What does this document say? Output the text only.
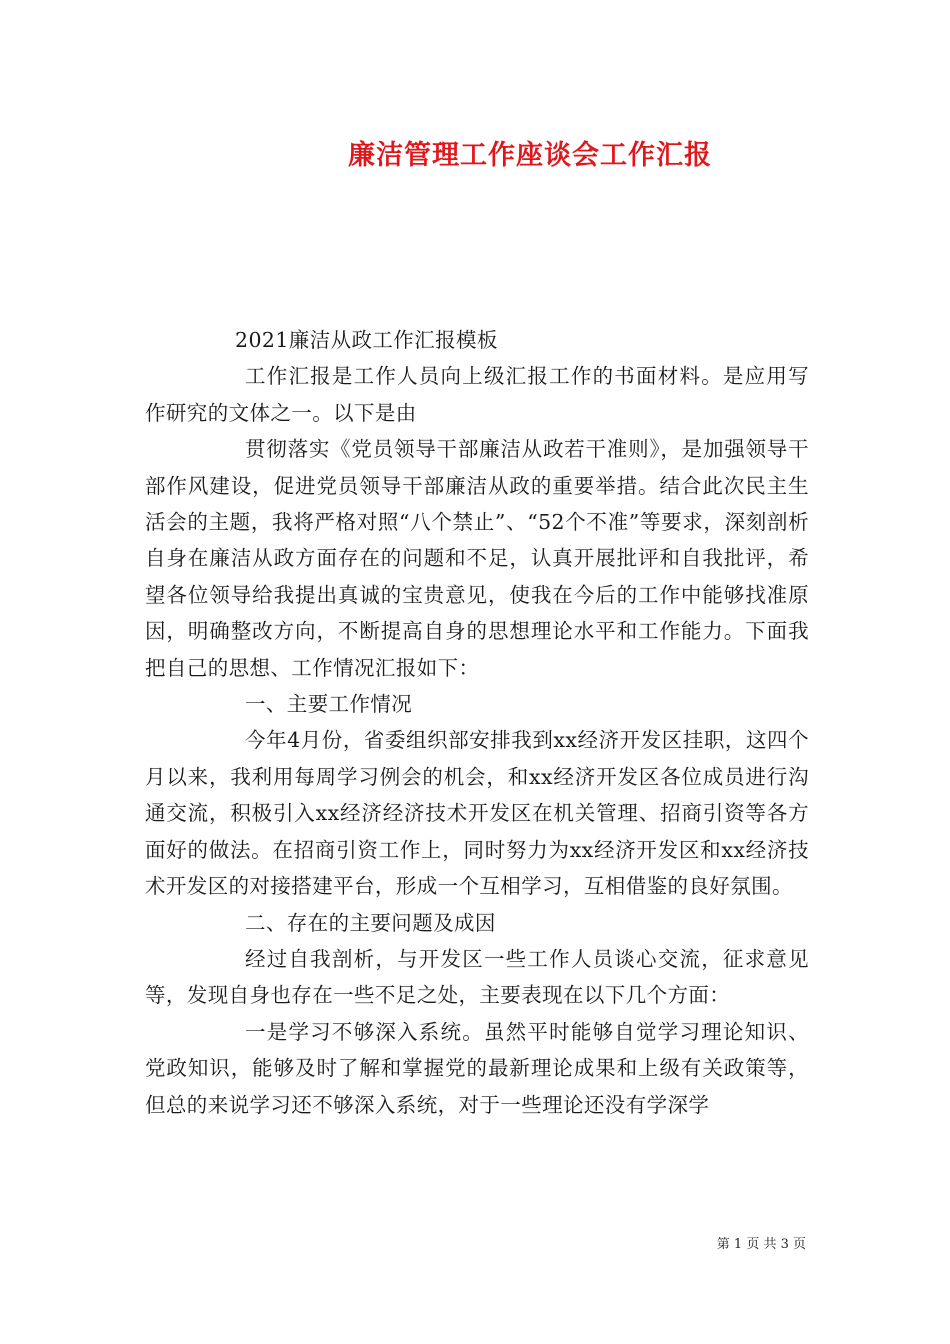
廉洁管理工作座谈会工作汇报

2021廉洁从政工作汇报模板

工作汇报是工作人员向上级汇报工作的书面材料。是应用写作研究的文体之一。以下是由

贯彻落实《党员领导干部廉洁从政若干准则》，是加强领导干部作风建设，促进党员领导干部廉洁从政的重要举措。结合此次民主生活会的主题，我将严格对照“八个禁止”、“52个不准”等要求，深刻剖析自身在廉洁从政方面存在的问题和不足，认真开展批评和自我批评，希望各位领导给我提出真诚的宝贵意见，使我在今后的工作中能够找准原因，明确整改方向，不断提高自身的思想理论水平和工作能力。下面我把自己的思想、工作情况汇报如下：

一、主要工作情况

今年4月份，省委组织部安排我到xx经济开发区挂职，这四个月以来，我利用每周学习例会的机会，和xx经济开发区各位成员进行沟通交流，积极引入xx经济经济技术开发区在机关管理、招商引资等各方面好的做法。在招商引资工作上，同时努力为xx经济开发区和xx经济技术开发区的对接搭建平台，形成一个互相学习，互相借鉴的良好氛围。

二、存在的主要问题及成因

经过自我剖析，与开发区一些工作人员谈心交流，征求意见等，发现自身也存在一些不足之处，主要表现在以下几个方面：

一是学习不够深入系统。虽然平时能够自觉学习理论知识、党政知识，能够及时了解和掌握党的最新理论成果和上级有关政策等，但总的来说学习还不够深入系统，对于一些理论还没有学深学

第 1 页 共 3 页
